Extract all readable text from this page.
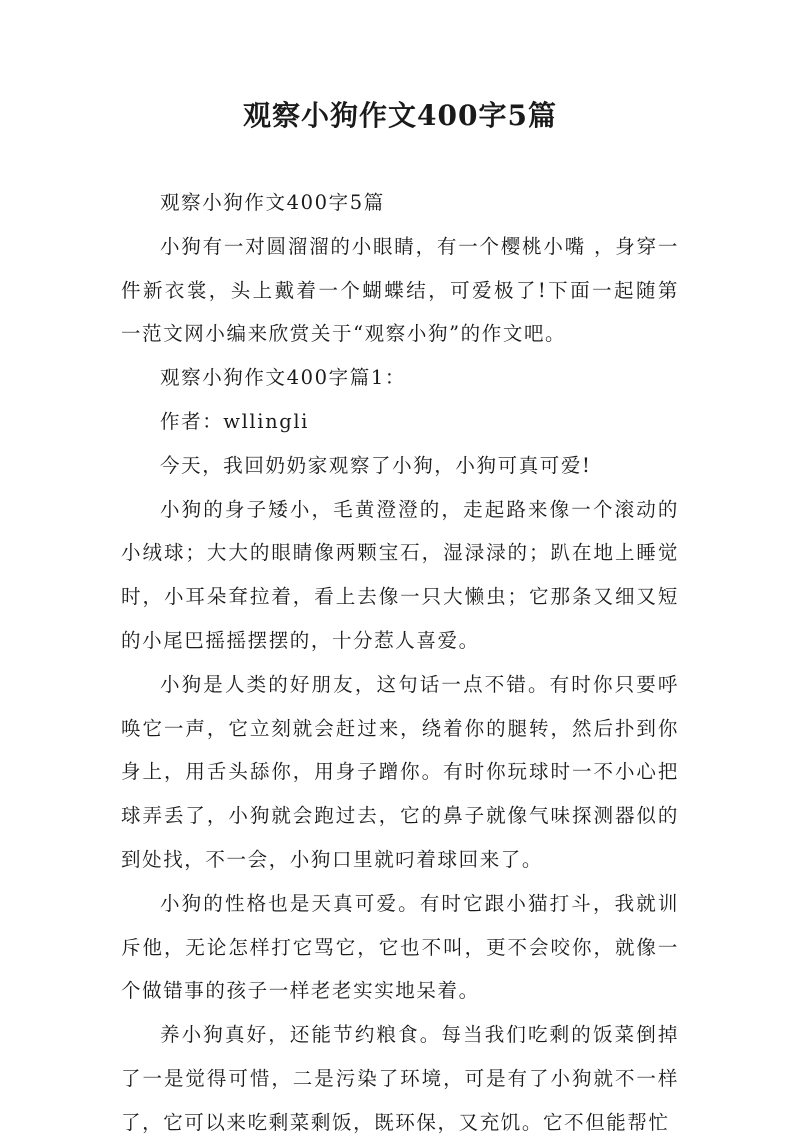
观察小狗作文400字5篇

观察小狗作文400字5篇

小狗有一对圆溜溜的小眼睛，有一个樱桃小嘴 ，身穿一件新衣裳，头上戴着一个蝴蝶结，可爱极了!下面一起随第一范文网小编来欣赏关于“观察小狗”的作文吧。

观察小狗作文400字篇1：

作者：wllingli

今天，我回奶奶家观察了小狗，小狗可真可爱!

小狗的身子矮小，毛黄澄澄的，走起路来像一个滚动的小绒球；大大的眼睛像两颗宝石，湿渌渌的；趴在地上睡觉时，小耳朵耷拉着，看上去像一只大懒虫；它那条又细又短的小尾巴摇摇摆摆的，十分惹人喜爱。

小狗是人类的好朋友，这句话一点不错。有时你只要呼唤它一声，它立刻就会赶过来，绕着你的腿转，然后扑到你身上，用舌头舔你，用身子蹭你。有时你玩球时一不小心把球弄丢了，小狗就会跑过去，它的鼻子就像气味探测器似的到处找，不一会，小狗口里就叼着球回来了。

小狗的性格也是天真可爱。有时它跟小猫打斗，我就训斥他，无论怎样打它骂它，它也不叫，更不会咬你，就像一个做错事的孩子一样老老实实地呆着。

养小狗真好，还能节约粮食。每当我们吃剩的饭菜倒掉了一是觉得可惜，二是污染了环境，可是有了小狗就不一样了，它可以来吃剩菜剩饭，既环保，又充饥。它不但能帮忙
